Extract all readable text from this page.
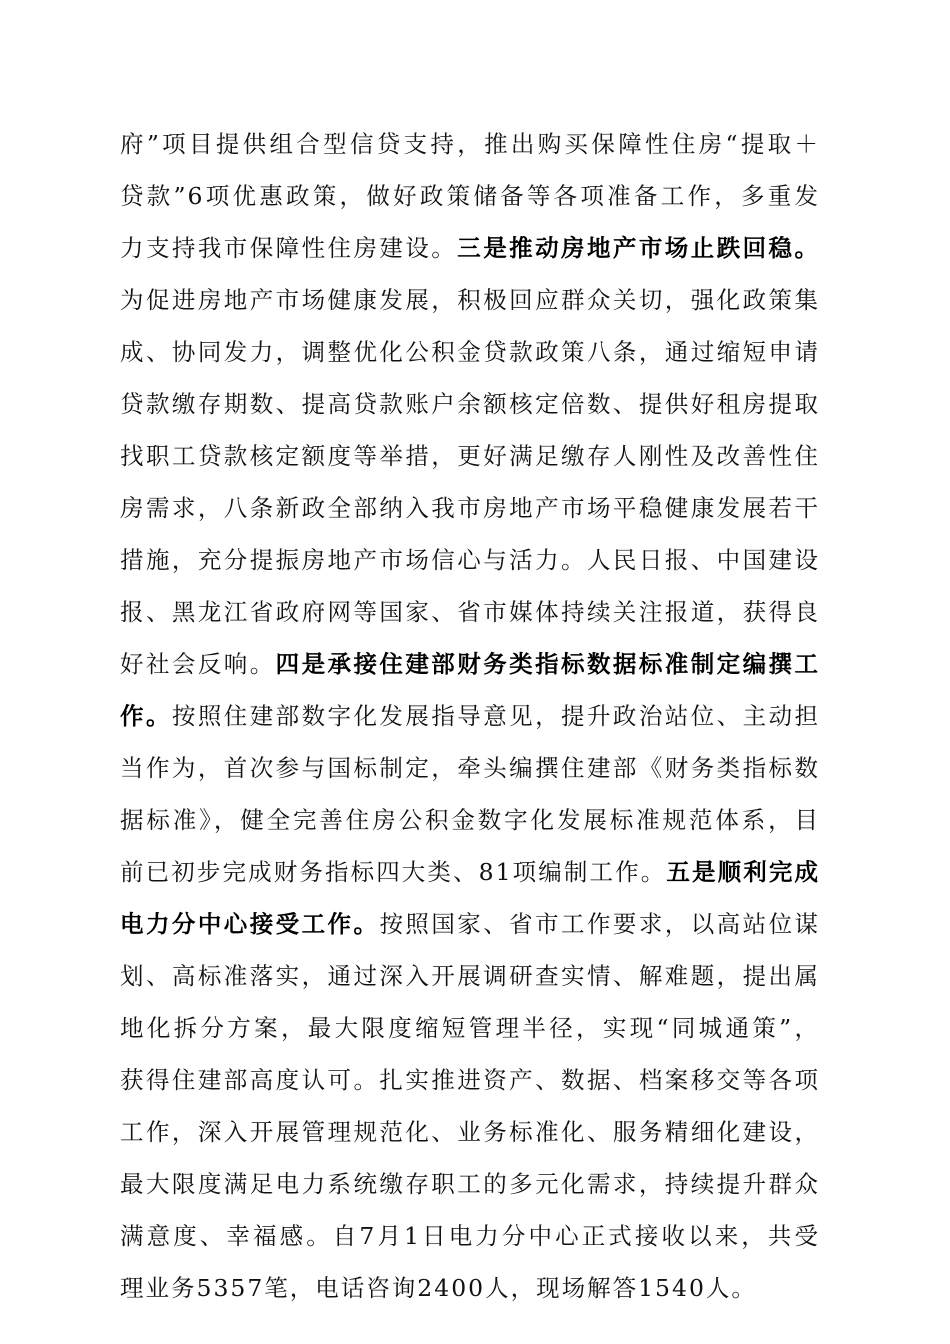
府”项目提供组合型信贷支持，推出购买保障性住房“提取＋
贷款”6项优惠政策，做好政策储备等各项准备工作，多重发
力支持我市保障性住房建设。三是推动房地产市场止跌回稳。
为促进房地产市场健康发展，积极回应群众关切，强化政策集
成、协同发力，调整优化公积金贷款政策八条，通过缩短申请
贷款缴存期数、提高贷款账户余额核定倍数、提供好租房提取
找职工贷款核定额度等举措，更好满足缴存人刚性及改善性住
房需求，八条新政全部纳入我市房地产市场平稳健康发展若干
措施，充分提振房地产市场信心与活力。人民日报、中国建设
报、黑龙江省政府网等国家、省市媒体持续关注报道，获得良
好社会反响。四是承接住建部财务类指标数据标准制定编撰工
作。按照住建部数字化发展指导意见，提升政治站位、主动担
当作为，首次参与国标制定，牵头编撰住建部《财务类指标数
据标准》，健全完善住房公积金数字化发展标准规范体系，目
前已初步完成财务指标四大类、81项编制工作。五是顺利完成
电力分中心接受工作。按照国家、省市工作要求，以高站位谋
划、高标准落实，通过深入开展调研查实情、解难题，提出属
地化拆分方案，最大限度缩短管理半径，实现“同城通策”，
获得住建部高度认可。扎实推进资产、数据、档案移交等各项
工作，深入开展管理规范化、业务标准化、服务精细化建设，
最大限度满足电力系统缴存职工的多元化需求，持续提升群众
满意度、幸福感。自7月1日电力分中心正式接收以来，共受
理业务5357笔，电话咨询2400人，现场解答1540人。
